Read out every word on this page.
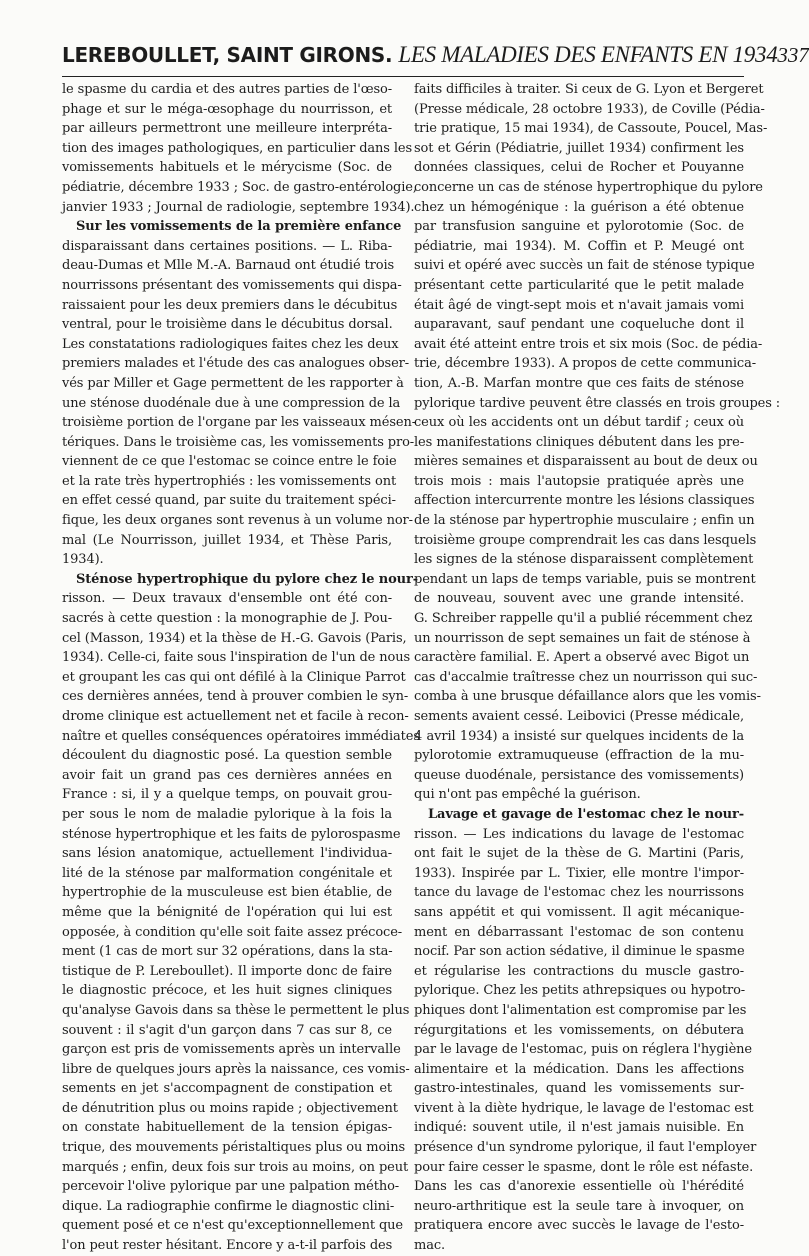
LEREBOULLET, SAINT GIRONS. LES MALADIES DES ENFANTS EN 1934 337
le spasme du cardia et des autres parties de l'œso-
phage et sur le méga-œsophage du nourrisson, et
par ailleurs permettront une meilleure interpréta-
tion des images pathologiques, en particulier dans les
vomissements habituels et le mérycisme (Soc. de
pédiatrie, décembre 1933 ; Soc. de gastro-entérologie,
janvier 1933 ; Journal de radiologie, septembre 1934).
Sur les vomissements de la première enfance
disparaissant dans certaines positions. — L. Riba-
deau-Dumas et Mlle M.-A. Barnaud ont étudié trois
nourrissons présentant des vomissements qui dispa-
raissaient pour les deux premiers dans le décubitus
ventral, pour le troisième dans le décubitus dorsal.
Les constatations radiologiques faites chez les deux
premiers malades et l'étude des cas analogues obser-
vés par Miller et Gage permettent de les rapporter à
une sténose duodénale due à une compression de la
troisième portion de l'organe par les vaisseaux mésen-
tériques. Dans le troisième cas, les vomissements pro-
viennent de ce que l'estomac se coince entre le foie
et la rate très hypertrophiés : les vomissements ont
en effet cessé quand, par suite du traitement spéci-
fique, les deux organes sont revenus à un volume nor-
mal (Le Nourrisson, juillet 1934, et Thèse Paris,
1934).
Sténose hypertrophique du pylore chez le nour-
risson. — Deux travaux d'ensemble ont été con-
sacrés à cette question : la monographie de J. Pou-
cel (Masson, 1934) et la thèse de H.-G. Gavois (Paris,
1934). Celle-ci, faite sous l'inspiration de l'un de nous
et groupant les cas qui ont défilé à la Clinique Parrot
ces dernières années, tend à prouver combien le syn-
drome clinique est actuellement net et facile à recon-
naître et quelles conséquences opératoires immédiates
découlent du diagnostic posé. La question semble
avoir fait un grand pas ces dernières années en
France : si, il y a quelque temps, on pouvait grou-
per sous le nom de maladie pylorique à la fois la
sténose hypertrophique et les faits de pylorospasme
sans lésion anatomique, actuellement l'individua-
lité de la sténose par malformation congénitale et
hypertrophie de la musculeuse est bien établie, de
même que la bénignité de l'opération qui lui est
opposée, à condition qu'elle soit faite assez précoce-
ment (1 cas de mort sur 32 opérations, dans la sta-
tistique de P. Lereboullet). Il importe donc de faire
le diagnostic précoce, et les huit signes cliniques
qu'analyse Gavois dans sa thèse le permettent le plus
souvent : il s'agit d'un garçon dans 7 cas sur 8, ce
garçon est pris de vomissements après un intervalle
libre de quelques jours après la naissance, ces vomis-
sements en jet s'accompagnent de constipation et
de dénutrition plus ou moins rapide ; objectivement
on constate habituellement de la tension épigas-
trique, des mouvements péristaltiques plus ou moins
marqués ; enfin, deux fois sur trois au moins, on peut
percevoir l'olive pylorique par une palpation métho-
dique. La radiographie confirme le diagnostic clini-
quement posé et ce n'est qu'exceptionnellement que
l'on peut rester hésitant. Encore y a-t-il parfois des
faits difficiles à traiter. Si ceux de G. Lyon et Bergeret
(Presse médicale, 28 octobre 1933), de Coville (Pédia-
trie pratique, 15 mai 1934), de Cassoute, Poucel, Mas-
sot et Gérin (Pédiatrie, juillet 1934) confirment les
données classiques, celui de Rocher et Pouyanne
concerne un cas de sténose hypertrophique du pylore
chez un hémogénique : la guérison a été obtenue
par transfusion sanguine et pylorotomie (Soc. de
pédiatrie, mai 1934). M. Coffin et P. Meugé ont
suivi et opéré avec succès un fait de sténose typique
présentant cette particularité que le petit malade
était âgé de vingt-sept mois et n'avait jamais vomi
auparavant, sauf pendant une coqueluche dont il
avait été atteint entre trois et six mois (Soc. de pédia-
trie, décembre 1933). A propos de cette communica-
tion, A.-B. Marfan montre que ces faits de sténose
pylorique tardive peuvent être classés en trois groupes :
ceux où les accidents ont un début tardif ; ceux où
les manifestations cliniques débutent dans les pre-
mières semaines et disparaissent au bout de deux ou
trois mois : mais l'autopsie pratiquée après une
affection intercurrente montre les lésions classiques
de la sténose par hypertrophie musculaire ; enfin un
troisième groupe comprendrait les cas dans lesquels
les signes de la sténose disparaissent complètement
pendant un laps de temps variable, puis se montrent
de nouveau, souvent avec une grande intensité.
G. Schreiber rappelle qu'il a publié récemment chez
un nourrisson de sept semaines un fait de sténose à
caractère familial. E. Apert a observé avec Bigot un
cas d'accalmie traîtresse chez un nourrisson qui suc-
comba à une brusque défaillance alors que les vomis-
sements avaient cessé. Leibovici (Presse médicale,
4 avril 1934) a insisté sur quelques incidents de la
pylorotomie extramuqueuse (effraction de la mu-
queuse duodénale, persistance des vomissements)
qui n'ont pas empêché la guérison.
Lavage et gavage de l'estomac chez le nour-
risson. — Les indications du lavage de l'estomac
ont fait le sujet de la thèse de G. Martini (Paris,
1933). Inspirée par L. Tixier, elle montre l'impor-
tance du lavage de l'estomac chez les nourrissons
sans appétit et qui vomissent. Il agit mécanique-
ment en débarrassant l'estomac de son contenu
nocif. Par son action sédative, il diminue le spasme
et régularise les contractions du muscle gastro-
pylorique. Chez les petits athrepsiques ou hypotro-
phiques dont l'alimentation est compromise par les
régurgitations et les vomissements, on débutera
par le lavage de l'estomac, puis on réglera l'hygiène
alimentaire et la médication. Dans les affections
gastro-intestinales, quand les vomissements sur-
vivent à la diète hydrique, le lavage de l'estomac est
indiqué: souvent utile, il n'est jamais nuisible. En
présence d'un syndrome pylorique, il faut l'employer
pour faire cesser le spasme, dont le rôle est néfaste.
Dans les cas d'anorexie essentielle où l'hérédité
neuro-arthritique est la seule tare à invoquer, on
pratiquera encore avec succès le lavage de l'esto-
mac.
